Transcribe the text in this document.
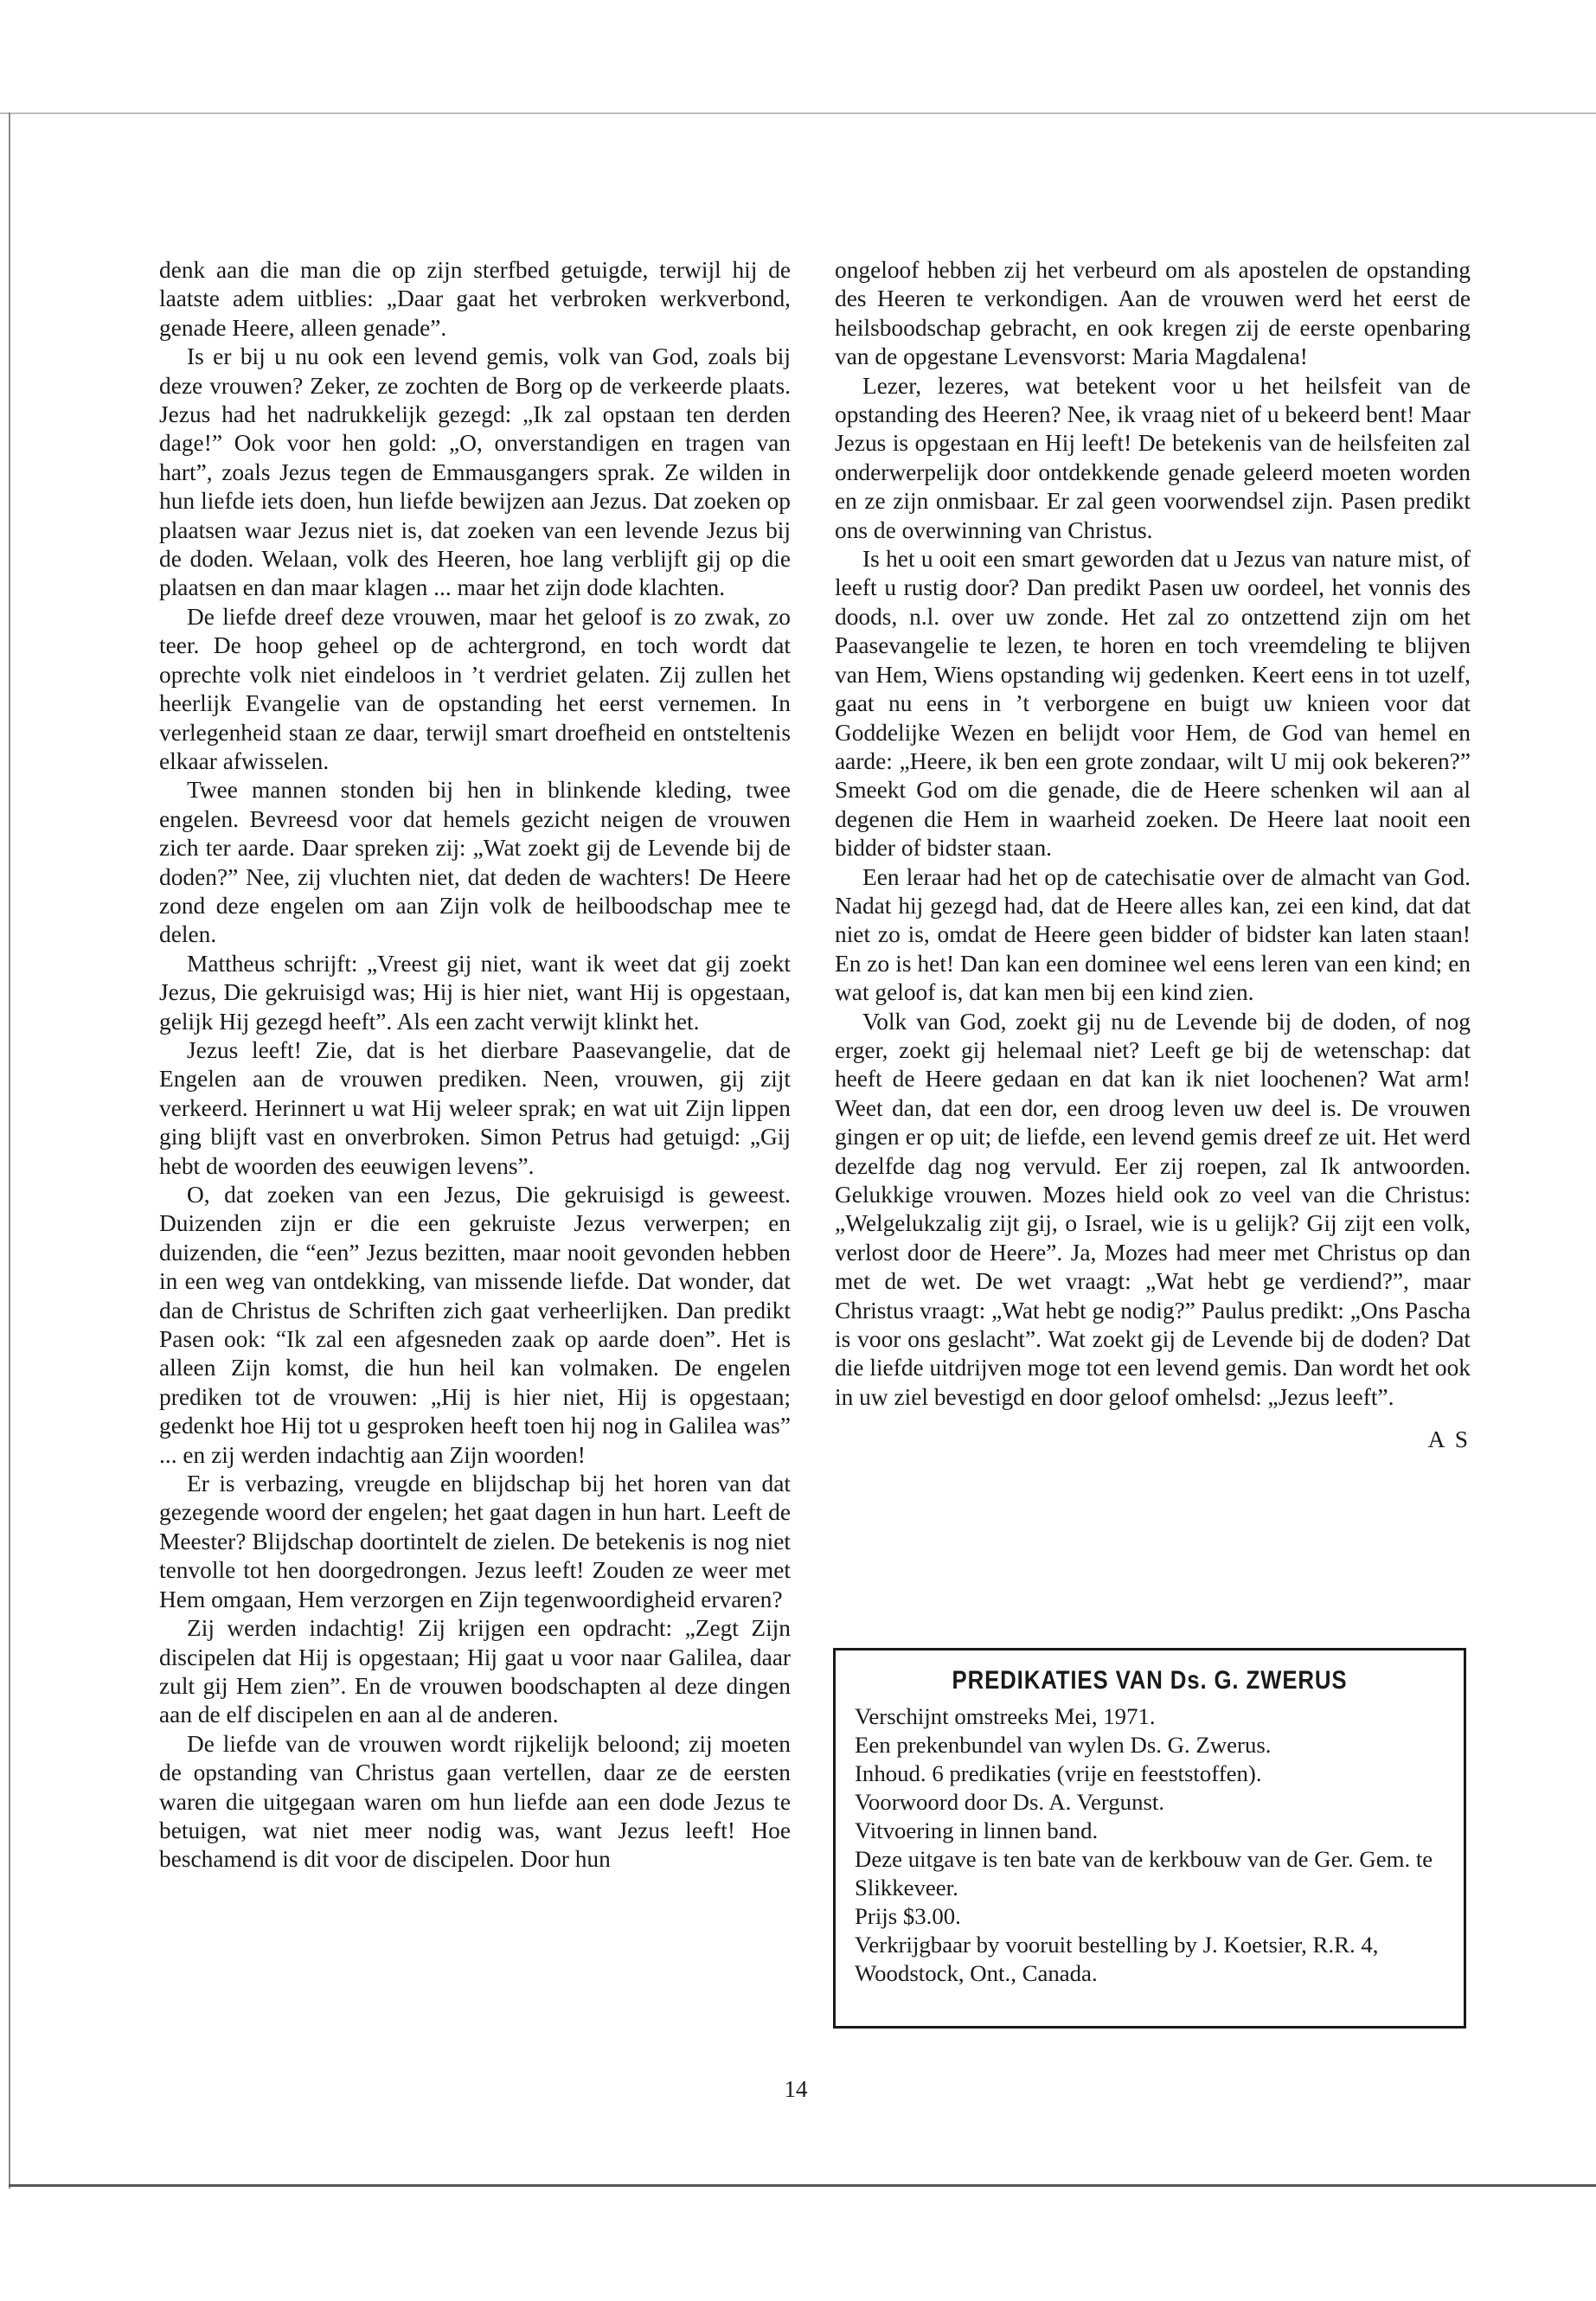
denk aan die man die op zijn sterfbed getuigde, terwijl hij de laatste adem uitblies: „Daar gaat het verbroken werkverbond, genade Heere, alleen genade”.

Is er bij u nu ook een levend gemis, volk van God, zoals bij deze vrouwen? Zeker, ze zochten de Borg op de verkeerde plaats. Jezus had het nadrukkelijk gezegd: „Ik zal opstaan ten derden dage!” Ook voor hen gold: „O, onverstandigen en tragen van hart”, zoals Jezus tegen de Emmausgangers sprak. Ze wilden in hun liefde iets doen, hun liefde bewijzen aan Jezus. Dat zoeken op plaatsen waar Jezus niet is, dat zoeken van een levende Jezus bij de doden. Welaan, volk des Heeren, hoe lang verblijft gij op die plaatsen en dan maar klagen ... maar het zijn dode klachten.

De liefde dreef deze vrouwen, maar het geloof is zo zwak, zo teer. De hoop geheel op de achtergrond, en toch wordt dat oprechte volk niet eindeloos in ’t verdriet gelaten. Zij zullen het heerlijk Evangelie van de opstanding het eerst vernemen. In verlegenheid staan ze daar, terwijl smart droefheid en ontsteltenis elkaar afwisselen.

Twee mannen stonden bij hen in blinkende kleding, twee engelen. Bevreesd voor dat hemels gezicht neigen de vrouwen zich ter aarde. Daar spreken zij: „Wat zoekt gij de Levende bij de doden?” Nee, zij vluchten niet, dat deden de wachters! De Heere zond deze engelen om aan Zijn volk de heilboodschap mee te delen.

Mattheus schrijft: „Vreest gij niet, want ik weet dat gij zoekt Jezus, Die gekruisigd was; Hij is hier niet, want Hij is opgestaan, gelijk Hij gezegd heeft”. Als een zacht verwijt klinkt het.

Jezus leeft! Zie, dat is het dierbare Paasevangelie, dat de Engelen aan de vrouwen prediken. Neen, vrouwen, gij zijt verkeerd. Herinnert u wat Hij weleer sprak; en wat uit Zijn lippen ging blijft vast en onverbroken. Simon Petrus had getuigd: „Gij hebt de woorden des eeuwigen levens”.

O, dat zoeken van een Jezus, Die gekruisigd is geweest. Duizenden zijn er die een gekruiste Jezus verwerpen; en duizenden, die “een” Jezus bezitten, maar nooit gevonden hebben in een weg van ontdekking, van missende liefde. Dat wonder, dat dan de Christus de Schriften zich gaat verheerlijken. Dan predikt Pasen ook: “Ik zal een afgesneden zaak op aarde doen”. Het is alleen Zijn komst, die hun heil kan volmaken. De engelen prediken tot de vrouwen: „Hij is hier niet, Hij is opgestaan; gedenkt hoe Hij tot u gesproken heeft toen hij nog in Galilea was” ... en zij werden indachtig aan Zijn woorden!

Er is verbazing, vreugde en blijdschap bij het horen van dat gezegende woord der engelen; het gaat dagen in hun hart. Leeft de Meester? Blijdschap doortintelt de zielen. De betekenis is nog niet tenvolle tot hen doorgedrongen. Jezus leeft! Zouden ze weer met Hem omgaan, Hem verzorgen en Zijn tegenwoordigheid ervaren?

Zij werden indachtig! Zij krijgen een opdracht: „Zegt Zijn discipelen dat Hij is opgestaan; Hij gaat u voor naar Galilea, daar zult gij Hem zien”. En de vrouwen boodschapten al deze dingen aan de elf discipelen en aan al de anderen.

De liefde van de vrouwen wordt rijkelijk beloond; zij moeten de opstanding van Christus gaan vertellen, daar ze de eersten waren die uitgegaan waren om hun liefde aan een dode Jezus te betuigen, wat niet meer nodig was, want Jezus leeft! Hoe beschamend is dit voor de discipelen. Door hun

ongeloof hebben zij het verbeurd om als apostelen de opstanding des Heeren te verkondigen. Aan de vrouwen werd het eerst de heilsboodschap gebracht, en ook kregen zij de eerste openbaring van de opgestane Levensvorst: Maria Magdalena!

Lezer, lezeres, wat betekent voor u het heilsfeit van de opstanding des Heeren? Nee, ik vraag niet of u bekeerd bent! Maar Jezus is opgestaan en Hij leeft! De betekenis van de heilsfeiten zal onderwerpelijk door ontdekkende genade geleerd moeten worden en ze zijn onmisbaar. Er zal geen voorwendsel zijn. Pasen predikt ons de overwinning van Christus.

Is het u ooit een smart geworden dat u Jezus van nature mist, of leeft u rustig door? Dan predikt Pasen uw oordeel, het vonnis des doods, n.l. over uw zonde. Het zal zo ontzettend zijn om het Paasevangelie te lezen, te horen en toch vreemdeling te blijven van Hem, Wiens opstanding wij gedenken. Keert eens in tot uzelf, gaat nu eens in ’t verborgene en buigt uw knieen voor dat Goddelijke Wezen en belijdt voor Hem, de God van hemel en aarde: „Heere, ik ben een grote zondaar, wilt U mij ook bekeren?” Smeekt God om die genade, die de Heere schenken wil aan al degenen die Hem in waarheid zoeken. De Heere laat nooit een bidder of bidster staan.

Een leraar had het op de catechisatie over de almacht van God. Nadat hij gezegd had, dat de Heere alles kan, zei een kind, dat dat niet zo is, omdat de Heere geen bidder of bidster kan laten staan! En zo is het! Dan kan een dominee wel eens leren van een kind; en wat geloof is, dat kan men bij een kind zien.

Volk van God, zoekt gij nu de Levende bij de doden, of nog erger, zoekt gij helemaal niet? Leeft ge bij de wetenschap: dat heeft de Heere gedaan en dat kan ik niet loochenen? Wat arm! Weet dan, dat een dor, een droog leven uw deel is. De vrouwen gingen er op uit; de liefde, een levend gemis dreef ze uit. Het werd dezelfde dag nog vervuld. Eer zij roepen, zal Ik antwoorden. Gelukkige vrouwen. Mozes hield ook zo veel van die Christus: „Welgelukzalig zijt gij, o Israel, wie is u gelijk? Gij zijt een volk, verlost door de Heere”. Ja, Mozes had meer met Christus op dan met de wet. De wet vraagt: „Wat hebt ge verdiend?”, maar Christus vraagt: „Wat hebt ge nodig?” Paulus predikt: „Ons Pascha is voor ons geslacht”. Wat zoekt gij de Levende bij de doden? Dat die liefde uitdrijven moge tot een levend gemis. Dan wordt het ook in uw ziel bevestigd en door geloof omhelsd: „Jezus leeft”.

A S

PREDIKATIES VAN Ds. G. ZWERUS
Verschijnt omstreeks Mei, 1971.
Een prekenbundel van wylen Ds. G. Zwerus.
Inhoud. 6 predikaties (vrije en feeststoffen).
Voorwoord door Ds. A. Vergunst.
Vitvoering in linnen band.
Deze uitgave is ten bate van de kerkbouw van de Ger. Gem. te Slikkeveer.
Prijs $3.00.
Verkrijgbaar by vooruit bestelling by J. Koetsier, R.R. 4, Woodstock, Ont., Canada.
14
